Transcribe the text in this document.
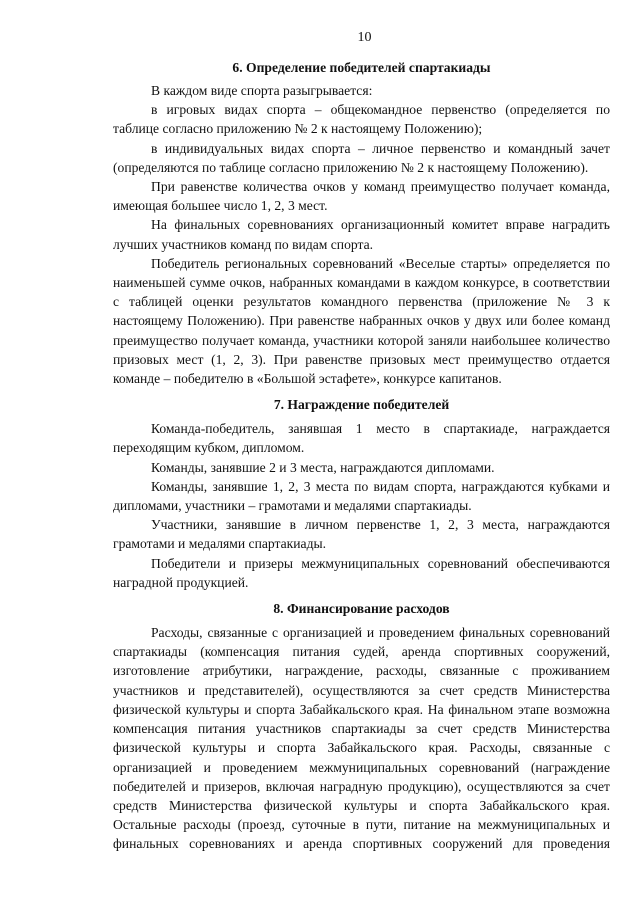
10
6. Определение победителей спартакиады

В каждом виде спорта разыгрывается:

в игровых видах спорта – общекомандное первенство (определяется по таблице согласно приложению № 2 к настоящему Положению);

в индивидуальных видах спорта – личное первенство и командный зачет (определяются по таблице согласно приложению № 2 к настоящему Положению).

При равенстве количества очков у команд преимущество получает команда, имеющая большее число 1, 2, 3 мест.

На финальных соревнованиях организационный комитет вправе наградить лучших участников команд по видам спорта.

Победитель региональных соревнований «Веселые старты» определяется по наименьшей сумме очков, набранных командами в каждом конкурсе, в соответствии с таблицей оценки результатов командного первенства (приложение № 3 к настоящему Положению). При равенстве набранных очков у двух или более команд преимущество получает команда, участники которой заняли наибольшее количество призовых мест (1, 2, 3). При равенстве призовых мест преимущество отдается команде – победителю в «Большой эстафете», конкурсе капитанов.

7. Награждение победителей

Команда-победитель, занявшая 1 место в спартакиаде, награждается переходящим кубком, дипломом.

Команды, занявшие 2 и 3 места, награждаются дипломами.

Команды, занявшие 1, 2, 3 места по видам спорта, награждаются кубками и дипломами, участники – грамотами и медалями спартакиады.

Участники, занявшие в личном первенстве 1, 2, 3 места, награждаются грамотами и медалями спартакиады.

Победители и призеры межмуниципальных соревнований обеспечиваются наградной продукцией.

8. Финансирование расходов

Расходы, связанные с организацией и проведением финальных соревнований спартакиады (компенсация питания судей, аренда спортивных сооружений, изготовление атрибутики, награждение, расходы, связанные с проживанием участников и представителей), осуществляются за счет средств Министерства физической культуры и спорта Забайкальского края. На финальном этапе возможна компенсация питания участников спартакиады за счет средств Министерства физической культуры и спорта Забайкальского края. Расходы, связанные с организацией и проведением межмуниципальных соревнований (награждение победителей и призеров, включая наградную продукцию), осуществляются за счет средств Министерства физической культуры и спорта Забайкальского края. Остальные расходы (проезд, суточные в пути, питание на межмуниципальных и финальных соревнованиях и аренда спортивных сооружений для проведения
